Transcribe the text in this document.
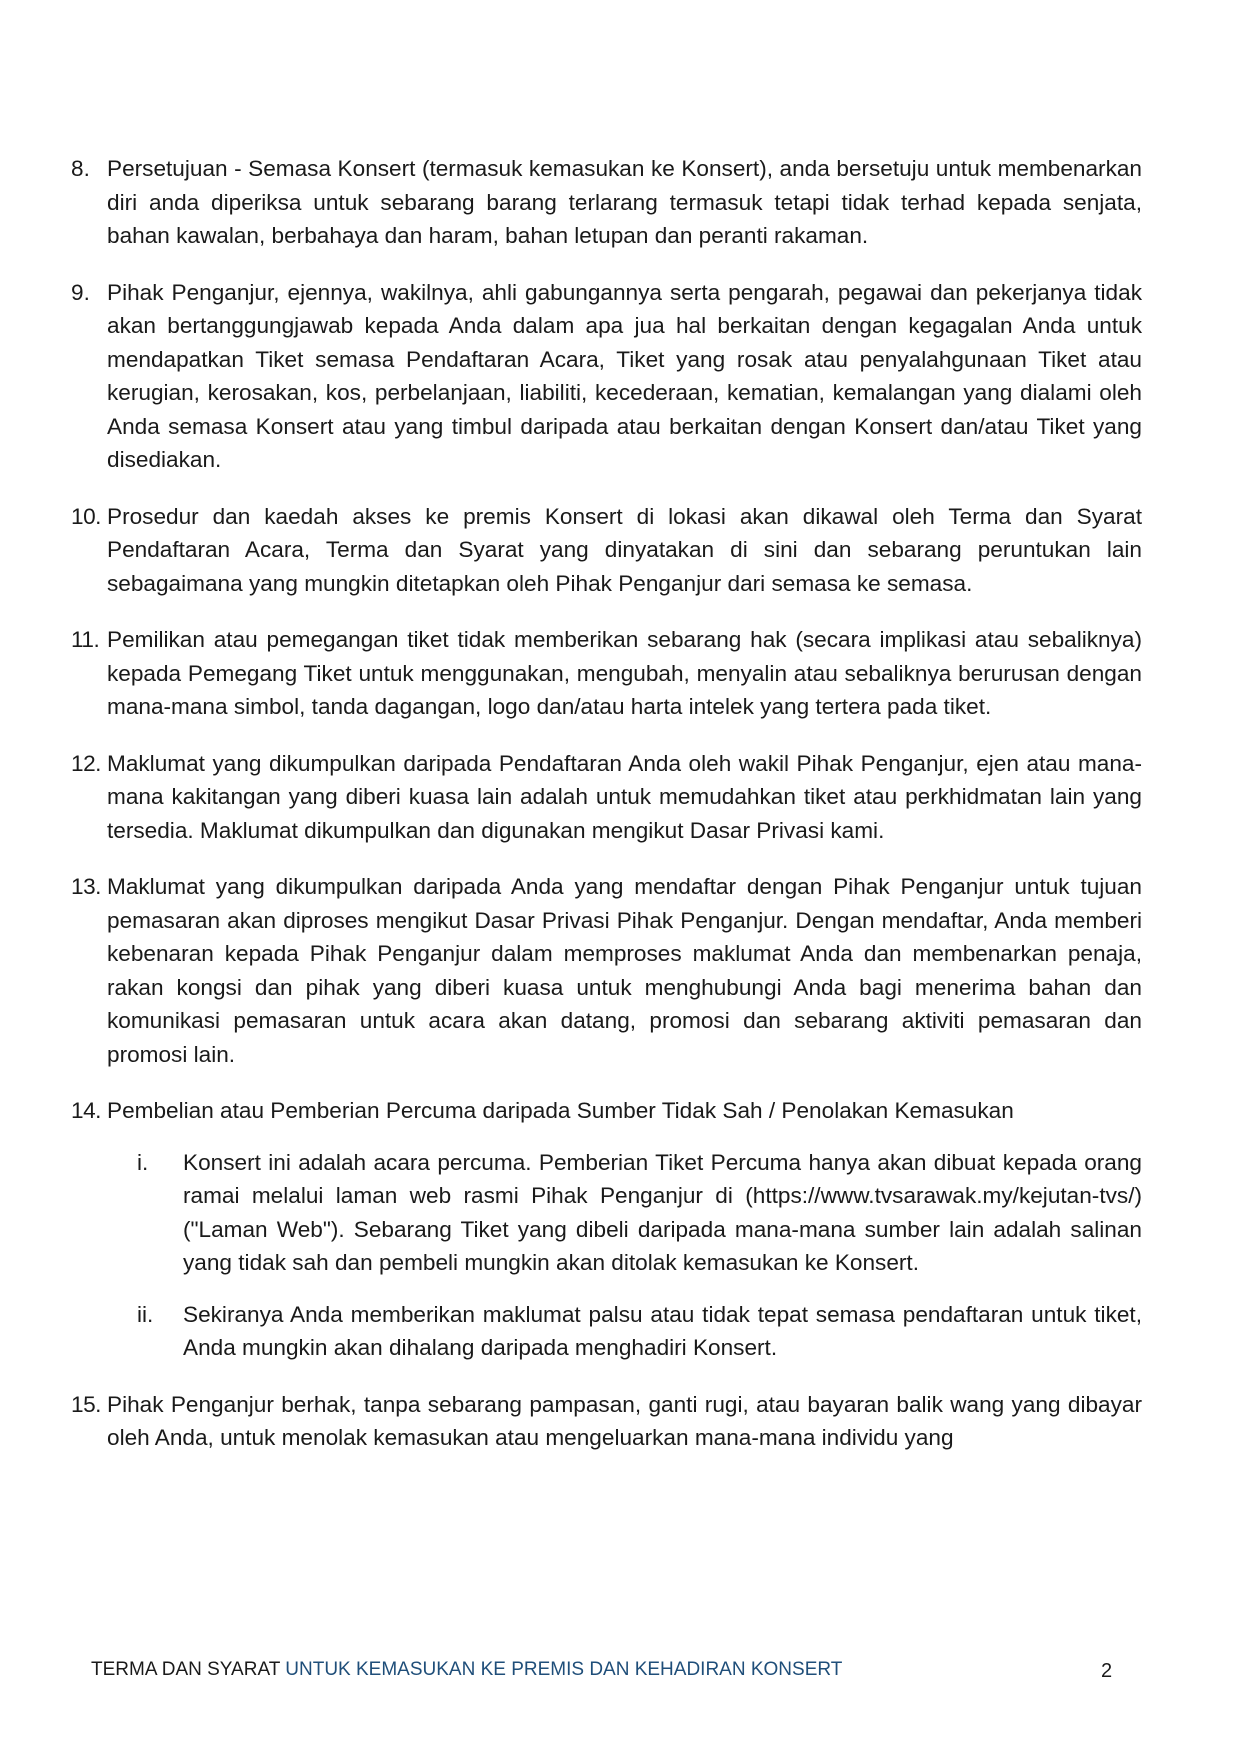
8. Persetujuan - Semasa Konsert (termasuk kemasukan ke Konsert), anda bersetuju untuk membenarkan diri anda diperiksa untuk sebarang barang terlarang termasuk tetapi tidak terhad kepada senjata, bahan kawalan, berbahaya dan haram, bahan letupan dan peranti rakaman.
9. Pihak Penganjur, ejennya, wakilnya, ahli gabungannya serta pengarah, pegawai dan pekerjanya tidak akan bertanggungjawab kepada Anda dalam apa jua hal berkaitan dengan kegagalan Anda untuk mendapatkan Tiket semasa Pendaftaran Acara, Tiket yang rosak atau penyalahgunaan Tiket atau kerugian, kerosakan, kos, perbelanjaan, liabiliti, kecederaan, kematian, kemalangan yang dialami oleh Anda semasa Konsert atau yang timbul daripada atau berkaitan dengan Konsert dan/atau Tiket yang disediakan.
10. Prosedur dan kaedah akses ke premis Konsert di lokasi akan dikawal oleh Terma dan Syarat Pendaftaran Acara, Terma dan Syarat yang dinyatakan di sini dan sebarang peruntukan lain sebagaimana yang mungkin ditetapkan oleh Pihak Penganjur dari semasa ke semasa.
11. Pemilikan atau pemegangan tiket tidak memberikan sebarang hak (secara implikasi atau sebaliknya) kepada Pemegang Tiket untuk menggunakan, mengubah, menyalin atau sebaliknya berurusan dengan mana-mana simbol, tanda dagangan, logo dan/atau harta intelek yang tertera pada tiket.
12. Maklumat yang dikumpulkan daripada Pendaftaran Anda oleh wakil Pihak Penganjur, ejen atau mana-mana kakitangan yang diberi kuasa lain adalah untuk memudahkan tiket atau perkhidmatan lain yang tersedia. Maklumat dikumpulkan dan digunakan mengikut Dasar Privasi kami.
13. Maklumat yang dikumpulkan daripada Anda yang mendaftar dengan Pihak Penganjur untuk tujuan pemasaran akan diproses mengikut Dasar Privasi Pihak Penganjur. Dengan mendaftar, Anda memberi kebenaran kepada Pihak Penganjur dalam memproses maklumat Anda dan membenarkan penaja, rakan kongsi dan pihak yang diberi kuasa untuk menghubungi Anda bagi menerima bahan dan komunikasi pemasaran untuk acara akan datang, promosi dan sebarang aktiviti pemasaran dan promosi lain.
14. Pembelian atau Pemberian Percuma daripada Sumber Tidak Sah / Penolakan Kemasukan
i.	Konsert ini adalah acara percuma. Pemberian Tiket Percuma hanya akan dibuat kepada orang ramai melalui laman web rasmi Pihak Penganjur di (https://www.tvsarawak.my/kejutan-tvs/) ("Laman Web"). Sebarang Tiket yang dibeli daripada mana-mana sumber lain adalah salinan yang tidak sah dan pembeli mungkin akan ditolak kemasukan ke Konsert.
ii.	Sekiranya Anda memberikan maklumat palsu atau tidak tepat semasa pendaftaran untuk tiket, Anda mungkin akan dihalang daripada menghadiri Konsert.
15. Pihak Penganjur berhak, tanpa sebarang pampasan, ganti rugi, atau bayaran balik wang yang dibayar oleh Anda, untuk menolak kemasukan atau mengeluarkan mana-mana individu yang
TERMA DAN SYARAT UNTUK KEMASUKAN KE PREMIS DAN KEHADIRAN KONSERT	2
